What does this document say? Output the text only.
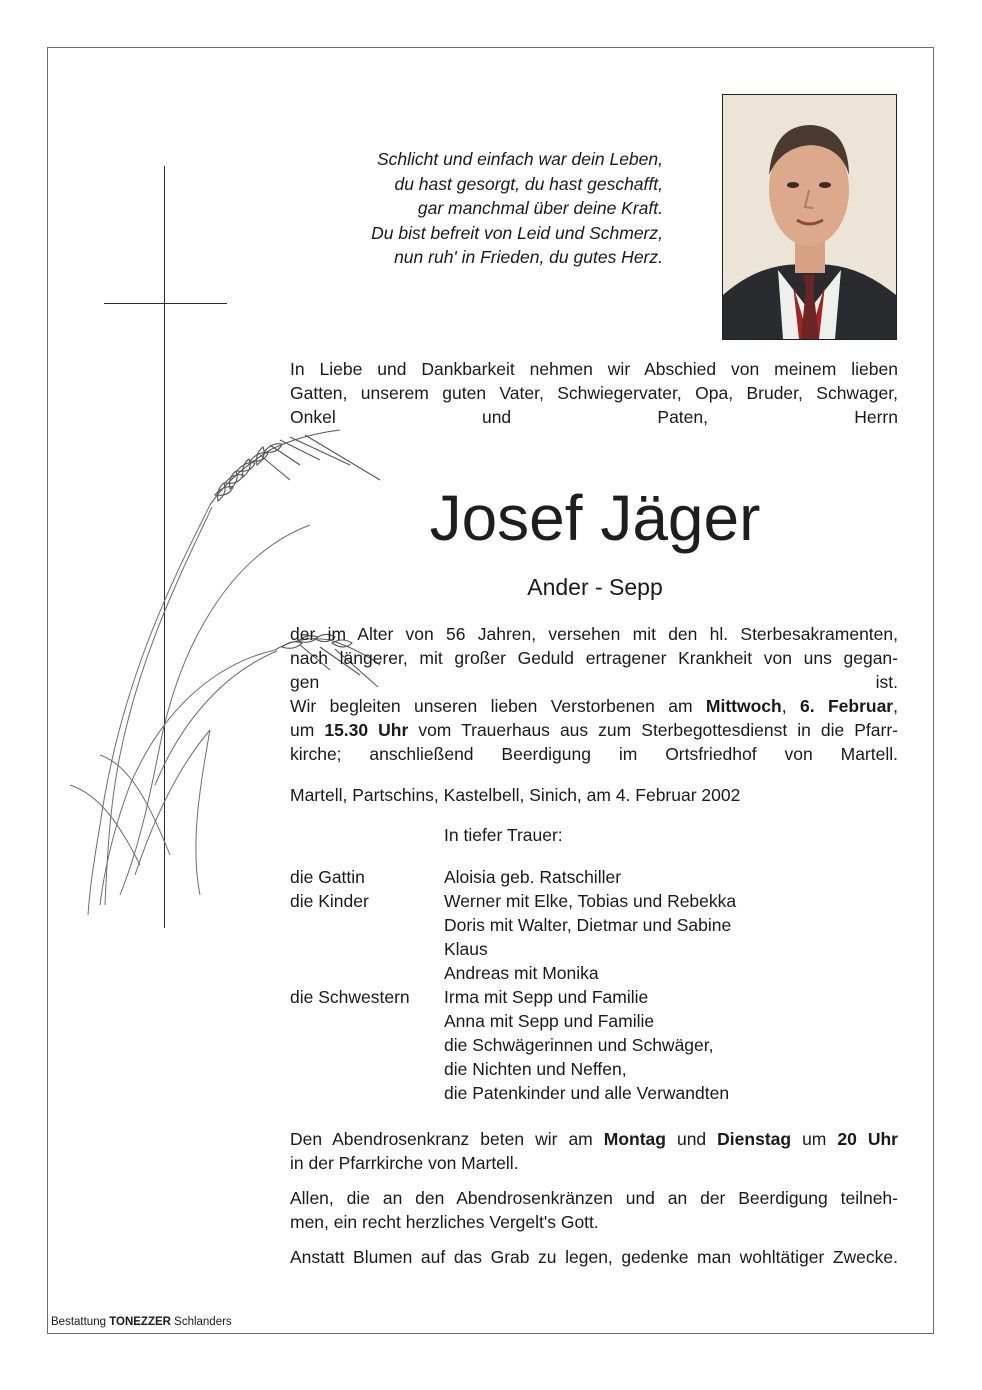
Schlicht und einfach war dein Leben,
du hast gesorgt, du hast geschafft,
gar manchmal über deine Kraft.
Du bist befreit von Leid und Schmerz,
nun ruh' in Frieden, du gutes Herz.
In Liebe und Dankbarkeit nehmen wir Abschied von meinem lieben
Gatten, unserem guten Vater, Schwiegervater, Opa, Bruder, Schwager,
Onkel und Paten, Herrn
Josef Jäger
Ander - Sepp
der im Alter von 56 Jahren, versehen mit den hl. Sterbesakramenten,
nach längerer, mit großer Geduld ertragener Krankheit von uns gegan-
gen ist.
Wir begleiten unseren lieben Verstorbenen am Mittwoch, 6. Februar,
um 15.30 Uhr vom Trauerhaus aus zum Sterbegottesdienst in die Pfarr-
kirche; anschließend Beerdigung im Ortsfriedhof von Martell.
Martell, Partschins, Kastelbell, Sinich, am 4. Februar 2002
In tiefer Trauer:
die Gattin	Aloisia geb. Ratschiller
die Kinder	Werner mit Elke, Tobias und Rebekka
Doris mit Walter, Dietmar und Sabine
Klaus
Andreas mit Monika
die Schwestern	Irma mit Sepp und Familie
Anna mit Sepp und Familie
die Schwägerinnen und Schwäger,
die Nichten und Neffen,
die Patenkinder und alle Verwandten
Den Abendrosenkranz beten wir am Montag und Dienstag um 20 Uhr
in der Pfarrkirche von Martell.
Allen, die an den Abendrosenkränzen und an der Beerdigung teilneh-
men, ein recht herzliches Vergelt's Gott.
Anstatt Blumen auf das Grab zu legen, gedenke man wohltätiger Zwecke.
Bestattung TONEZZER Schlanders
